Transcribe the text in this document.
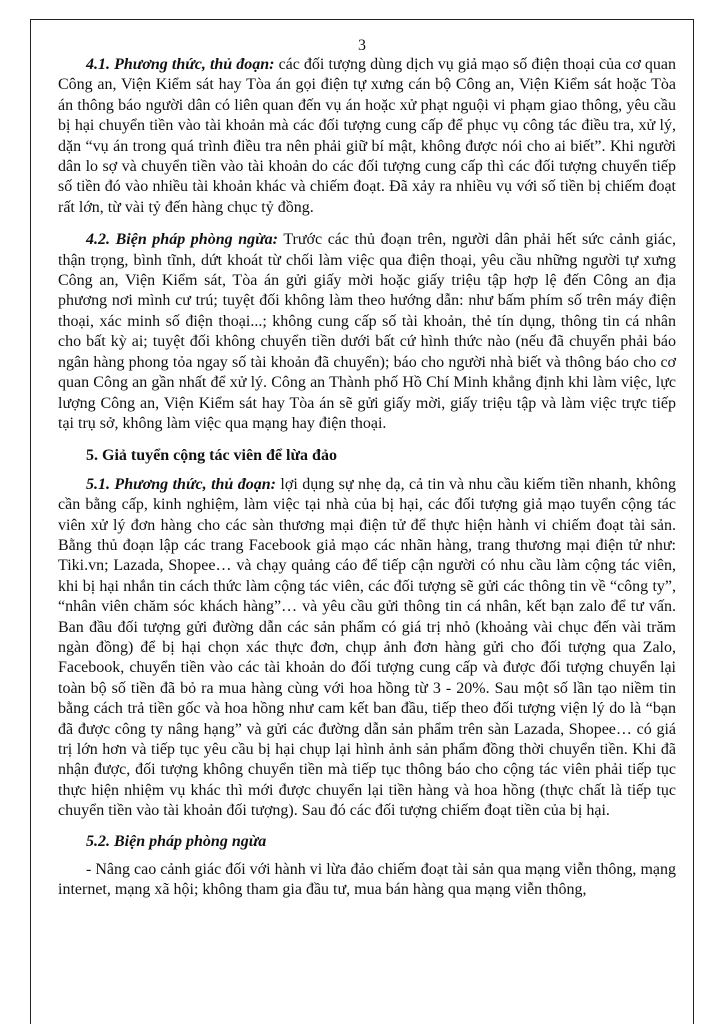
3

4.1. Phương thức, thủ đoạn: các đối tượng dùng dịch vụ giả mạo số điện thoại của cơ quan Công an, Viện Kiểm sát hay Tòa án gọi điện tự xưng cán bộ Công an, Viện Kiểm sát hoặc Tòa án thông báo người dân có liên quan đến vụ án hoặc xử phạt nguội vi phạm giao thông, yêu cầu bị hại chuyển tiền vào tài khoản mà các đối tượng cung cấp để phục vụ công tác điều tra, xử lý, dặn “vụ án trong quá trình điều tra nên phải giữ bí mật, không được nói cho ai biết”. Khi người dân lo sợ và chuyển tiền vào tài khoản do các đối tượng cung cấp thì các đối tượng chuyển tiếp số tiền đó vào nhiều tài khoản khác và chiếm đoạt. Đã xảy ra nhiều vụ với số tiền bị chiếm đoạt rất lớn, từ vài tỷ đến hàng chục tỷ đồng.

4.2. Biện pháp phòng ngừa: Trước các thủ đoạn trên, người dân phải hết sức cảnh giác, thận trọng, bình tĩnh, dứt khoát từ chối làm việc qua điện thoại, yêu cầu những người tự xưng Công an, Viện Kiểm sát, Tòa án gửi giấy mời hoặc giấy triệu tập hợp lệ đến Công an địa phương nơi mình cư trú; tuyệt đối không làm theo hướng dẫn: như bấm phím số trên máy điện thoại, xác minh số điện thoại...; không cung cấp số tài khoản, thẻ tín dụng, thông tin cá nhân cho bất kỳ ai; tuyệt đối không chuyển tiền dưới bất cứ hình thức nào (nếu đã chuyển phải báo ngân hàng phong tỏa ngay số tài khoản đã chuyển); báo cho người nhà biết và thông báo cho cơ quan Công an gần nhất để xử lý. Công an Thành phố Hồ Chí Minh khẳng định khi làm việc, lực lượng Công an, Viện Kiểm sát hay Tòa án sẽ gửi giấy mời, giấy triệu tập và làm việc trực tiếp tại trụ sở, không làm việc qua mạng hay điện thoại.

5. Giả tuyển cộng tác viên để lừa đảo

5.1. Phương thức, thủ đoạn: lợi dụng sự nhẹ dạ, cả tin và nhu cầu kiếm tiền nhanh, không cần bằng cấp, kinh nghiệm, làm việc tại nhà của bị hại, các đối tượng giả mạo tuyển cộng tác viên xử lý đơn hàng cho các sàn thương mại điện tử để thực hiện hành vi chiếm đoạt tài sản. Bằng thủ đoạn lập các trang Facebook giả mạo các nhãn hàng, trang thương mại điện tử như: Tiki.vn; Lazada, Shopee… và chạy quảng cáo để tiếp cận người có nhu cầu làm cộng tác viên, khi bị hại nhắn tin cách thức làm cộng tác viên, các đối tượng sẽ gửi các thông tin về “công ty”, “nhân viên chăm sóc khách hàng”… và yêu cầu gửi thông tin cá nhân, kết bạn zalo để tư vấn. Ban đầu đối tượng gửi đường dẫn các sản phẩm có giá trị nhỏ (khoảng vài chục đến vài trăm ngàn đồng) để bị hại chọn xác thực đơn, chụp ảnh đơn hàng gửi cho đối tượng qua Zalo, Facebook, chuyển tiền vào các tài khoản do đối tượng cung cấp và được đối tượng chuyển lại toàn bộ số tiền đã bỏ ra mua hàng cùng với hoa hồng từ 3 - 20%. Sau một số lần tạo niềm tin bằng cách trả tiền gốc và hoa hồng như cam kết ban đầu, tiếp theo đối tượng viện lý do là “bạn đã được công ty nâng hạng” và gửi các đường dẫn sản phẩm trên sàn Lazada, Shopee… có giá trị lớn hơn và tiếp tục yêu cầu bị hại chụp lại hình ảnh sản phẩm đồng thời chuyển tiền. Khi đã nhận được, đối tượng không chuyển tiền mà tiếp tục thông báo cho cộng tác viên phải tiếp tục thực hiện nhiệm vụ khác thì mới được chuyển lại tiền hàng và hoa hồng (thực chất là tiếp tục chuyển tiền vào tài khoản đối tượng). Sau đó các đối tượng chiếm đoạt tiền của bị hại.

5.2. Biện pháp phòng ngừa

- Nâng cao cảnh giác đối với hành vi lừa đảo chiếm đoạt tài sản qua mạng viễn thông, mạng internet, mạng xã hội; không tham gia đầu tư, mua bán hàng qua mạng viễn thông,
